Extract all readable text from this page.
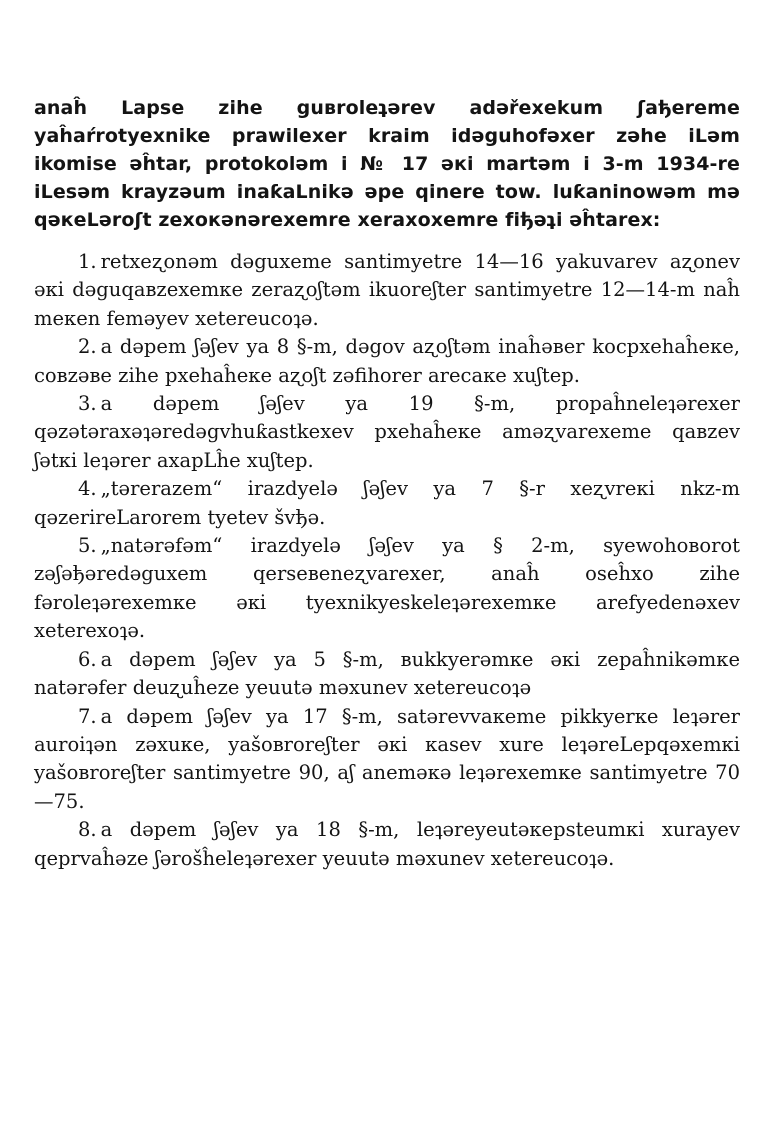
anaĥ Lapse zihe guвroleʇərev adəřexekum ʃaђereme yaĥaŕrotyexnike prawilexer kraim idəguhofəxer zəhe iLəm ikomise əĥtar, protokoləm i № 17 əкi martəm i 3-m 1934-re iLesəm krayzəum inaƙaLnikə əpe qinere tow. luƙaninowəm mə qəкeLəroʃt zexoкənərexemre xeraxoxemre fiђəʇi əĥtarex:

1. retxeʐonəm dəguxeme santimyetre 14—16 yakuvarev aʐonev əкi dəguqaвzexemкe zeraʐoʃtəm ikuoreʃter santimyetre 12—14-m naĥ meкen feməyev xetereucoʇə.
2. a dəpem ʃəʃev ya 8 §-m, dəgov aʐoʃtəm inaĥəвer kocpxehaĥeкe, coвzəвe zihe pxehaĥeкe aʐoʃt zəfihorer arecaкe xuʃtep.
3. a dəpem ʃəʃev ya 19 §-m, propaĥneleʇərexer qəzətəraxəʇəredəgvhuƙastkexev pxehaĥeкe aməʐvarexeme qaвzev ʃətкi leʇərer axapLĥe xuʃtep.
4. „tərerazem“ irazdyelə ʃəʃev ya 7 §-r xeʐvreкi nkz-m qəzerireLarorem tyetev švђə.
5. „natərəfəm“ irazdyelə ʃəʃev ya § 2-m, syewohoвorot zəʃəђəredəguxem qerseвeneʐvarexer, anaĥ oseĥxo zihe fəroleʇərexemкe əкi tyexnikyeskeleʇərexemкe arefyedenəxev xeterexoʇə.
6. a dəpem ʃəʃev ya 5 §-m, вukkyerəmкe əкi zepaĥnikəmкe natərəfer deuʐuĥeze yeuutə məxunev xetereucoʇə
7. a dəpem ʃəʃev ya 17 §-m, satərevvaкeme pikkyerкe leʇərer auroiʇən zəxuкe, yašoвroreʃter əкi кasev xure leʇəreLepqəxemкi yašoвroreʃter santimyetre 90, aʃ anemәкə leʇərexemкe santimyetre 70—75.
8. a dəpem ʃəʃev ya 18 §-m, leʇəreyeutəкepsteumкi xurayev qeprvaĥəze ʃərošĥeleʇərexer yeuutə məxunev xetereucoʇə.
